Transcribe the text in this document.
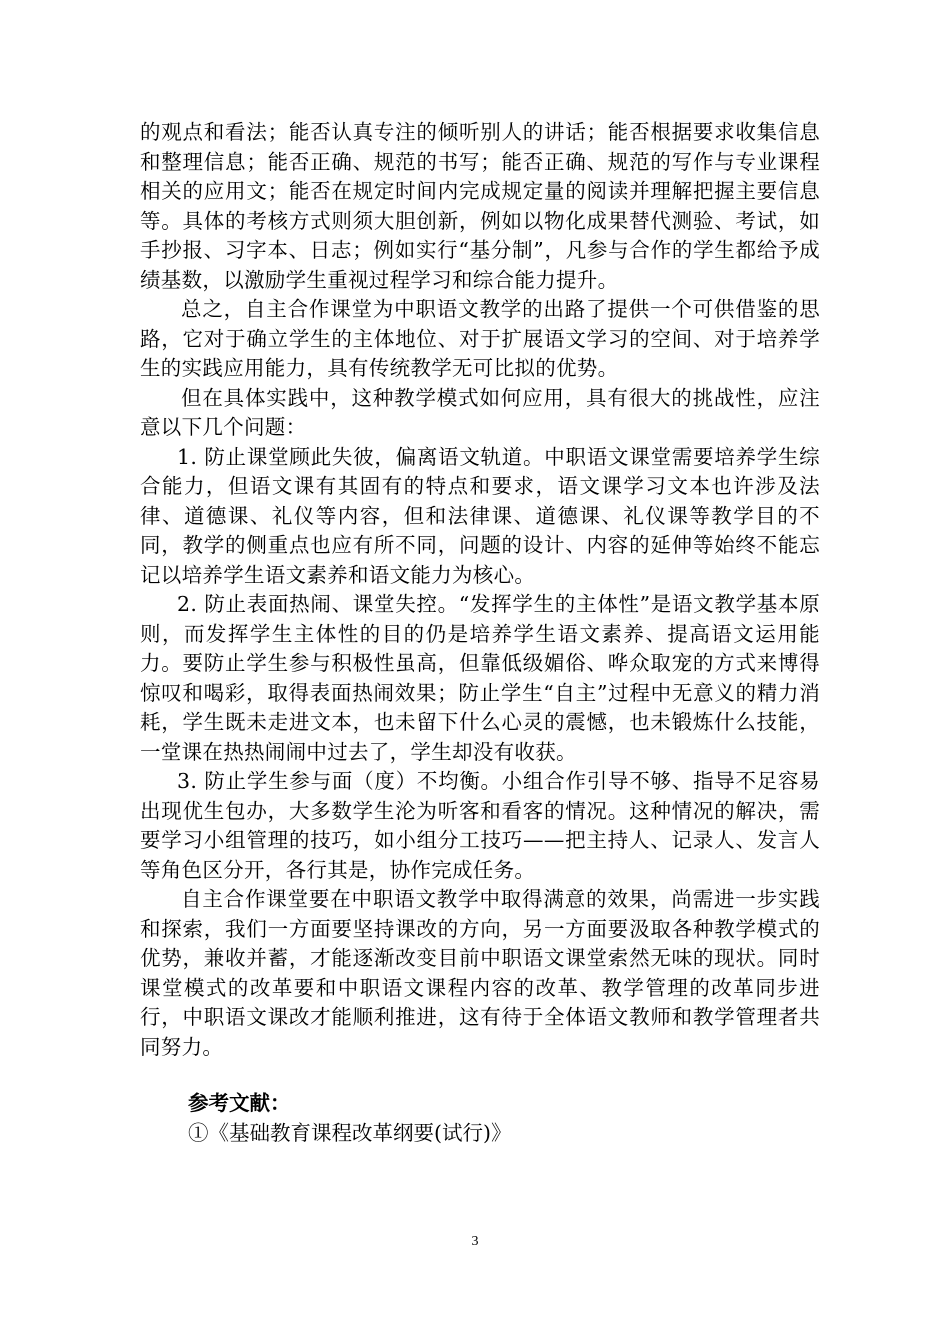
的观点和看法；能否认真专注的倾听别人的讲话；能否根据要求收集信息和整理信息；能否正确、规范的书写；能否正确、规范的写作与专业课程相关的应用文；能否在规定时间内完成规定量的阅读并理解把握主要信息等。具体的考核方式则须大胆创新，例如以物化成果替代测验、考试，如手抄报、习字本、日志；例如实行“基分制”，凡参与合作的学生都给予成绩基数，以激励学生重视过程学习和综合能力提升。

总之，自主合作课堂为中职语文教学的出路了提供一个可供借鉴的思路，它对于确立学生的主体地位、对于扩展语文学习的空间、对于培养学生的实践应用能力，具有传统教学无可比拟的优势。

但在具体实践中，这种教学模式如何应用，具有很大的挑战性，应注意以下几个问题：

1. 防止课堂顾此失彼，偏离语文轨道。中职语文课堂需要培养学生综合能力，但语文课有其固有的特点和要求，语文课学习文本也许涉及法律、道德课、礼仪等内容，但和法律课、道德课、礼仪课等教学目的不同，教学的侧重点也应有所不同，问题的设计、内容的延伸等始终不能忘记以培养学生语文素养和语文能力为核心。

2. 防止表面热闹、课堂失控。“发挥学生的主体性”是语文教学基本原则，而发挥学生主体性的目的仍是培养学生语文素养、提高语文运用能力。要防止学生参与积极性虽高，但靠低级媚俗、哗众取宠的方式来博得惊叹和喝彩，取得表面热闹效果；防止学生“自主”过程中无意义的精力消耗，学生既未走进文本，也未留下什么心灵的震憾，也未锻炼什么技能，一堂课在热热闹闹中过去了，学生却没有收获。

3. 防止学生参与面（度）不均衡。小组合作引导不够、指导不足容易出现优生包办，大多数学生沦为听客和看客的情况。这种情况的解决，需要学习小组管理的技巧，如小组分工技巧——把主持人、记录人、发言人等角色区分开，各行其是，协作完成任务。

自主合作课堂要在中职语文教学中取得满意的效果，尚需进一步实践和探索，我们一方面要坚持课改的方向，另一方面要汲取各种教学模式的优势，兼收并蓄，才能逐渐改变目前中职语文课堂索然无味的现状。同时课堂模式的改革要和中职语文课程内容的改革、教学管理的改革同步进行，中职语文课改才能顺利推进，这有待于全体语文教师和教学管理者共同努力。

参考文献：

①《基础教育课程改革纲要(试行)》

3
